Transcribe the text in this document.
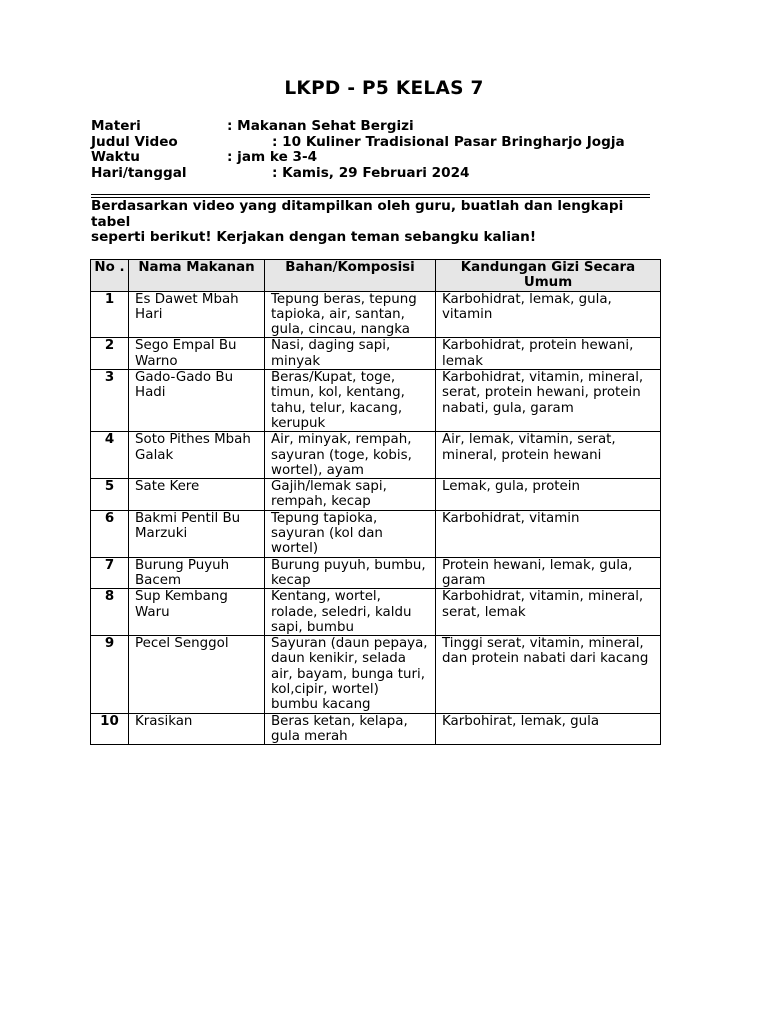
LKPD - P5 KELAS 7
Materi	: Makanan Sehat Bergizi
Judul Video	: 10 Kuliner Tradisional Pasar Bringharjo Jogja
Waktu	: jam ke 3-4
Hari/tanggal	: Kamis, 29 Februari 2024
Berdasarkan video yang ditampilkan oleh guru, buatlah dan lengkapi tabel
seperti berikut! Kerjakan dengan teman sebangku kalian!
No .	Nama Makanan	Bahan/Komposisi	Kandungan Gizi Secara Umum
1	Es Dawet Mbah Hari	Tepung beras, tepung tapioka, air, santan, gula, cincau, nangka	Karbohidrat, lemak, gula, vitamin
2	Sego Empal Bu Warno	Nasi, daging sapi, minyak	Karbohidrat, protein hewani, lemak
3	Gado-Gado Bu Hadi	Beras/Kupat, toge, timun, kol, kentang, tahu, telur, kacang, kerupuk	Karbohidrat, vitamin, mineral, serat, protein hewani, protein nabati, gula, garam
4	Soto Pithes Mbah Galak	Air, minyak, rempah, sayuran (toge, kobis, wortel), ayam	Air, lemak, vitamin, serat, mineral, protein hewani
5	Sate Kere	Gajih/lemak sapi, rempah, kecap	Lemak, gula, protein
6	Bakmi Pentil Bu Marzuki	Tepung tapioka, sayuran (kol dan wortel)	Karbohidrat, vitamin
7	Burung Puyuh Bacem	Burung puyuh, bumbu, kecap	Protein hewani, lemak, gula, garam
8	Sup Kembang Waru	Kentang, wortel, rolade, seledri, kaldu sapi, bumbu	Karbohidrat, vitamin, mineral, serat, lemak
9	Pecel Senggol	Sayuran (daun pepaya, daun kenikir, selada air, bayam, bunga turi, kol,cipir, wortel) bumbu kacang	Tinggi serat, vitamin, mineral, dan protein nabati dari kacang
10	Krasikan	Beras ketan, kelapa, gula merah	Karbohirat, lemak, gula
